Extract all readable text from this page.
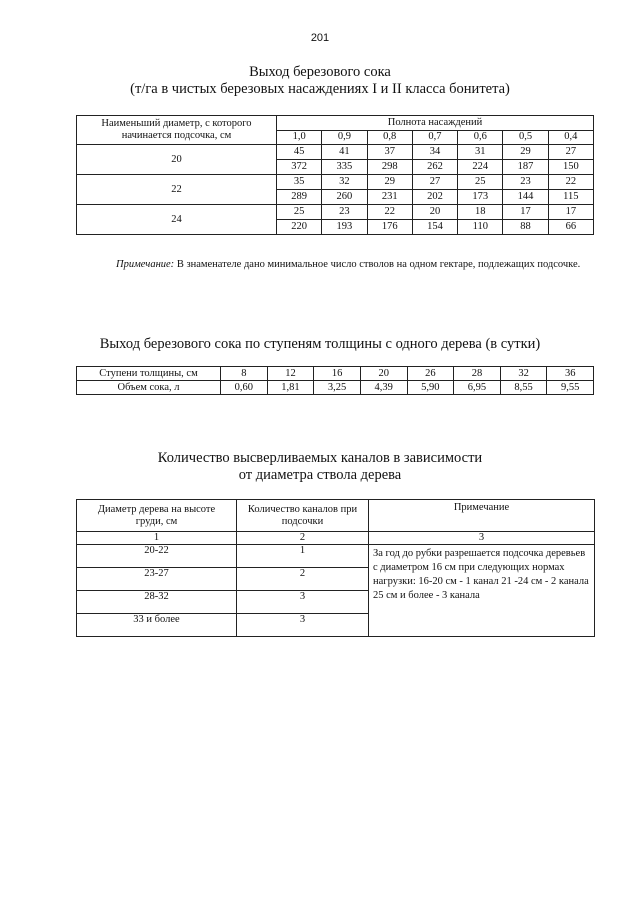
201
Выход березового сока
(т/га в чистых березовых насаждениях I и II класса бонитета)
Наименьший диаметр, с которого начинается подсочка, см	Полнота насаждений						
	1,0	0,9	0,8	0,7	0,6	0,5	0,4
20	45	41	37	34	31	29	27
	372	335	298	262	224	187	150
22	35	32	29	27	25	23	22
	289	260	231	202	173	144	115
24	25	23	22	20	18	17	17
	220	193	176	154	110	88	66
Примечание: В знаменателе дано минимальное число стволов на одном гектаре, подлежащих подсочке.
Выход березового сока по ступеням толщины с одного дерева (в сутки)
Ступени толщины, см	8	12	16	20	26	28	32	36
Объем сока, л	0,60	1,81	3,25	4,39	5,90	6,95	8,55	9,55
Количество высверливаемых каналов в зависимости
от диаметра ствола дерева
Диаметр дерева на высоте груди, см	Количество каналов при подсочки	Примечание
1	2	3
20-22	1	За год до рубки разрешается подсочка деревьев с диаметром 16 см при следующих нормах нагрузки: 16-20 см - 1 канал 21 -24 см - 2 канала 25 см и более - 3 канала
23-27	2	
28-32	3	
33 и более	3	
